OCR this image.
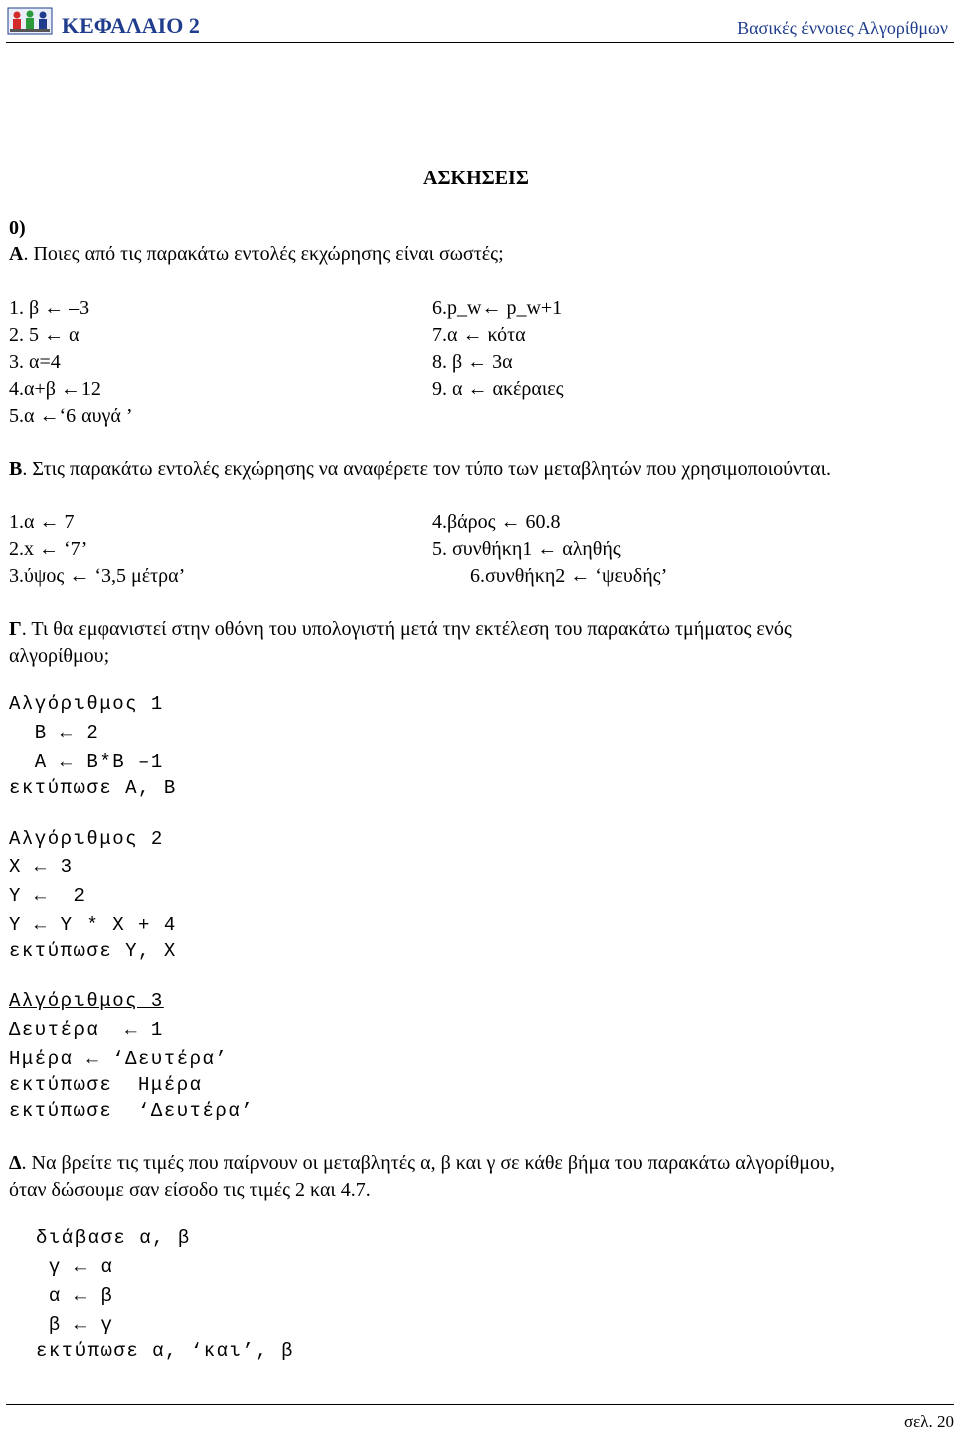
ΚΕΦΑΛΑΙΟ 2	Βασικές έννοιες Αλγορίθμων
ΑΣΚΗΣΕΙΣ
0)
Α. Ποιες από τις παρακάτω εντολές εκχώρησης είναι σωστές;
1. β ← –3
2. 5 ← α
3. α=4
4.α+β ←12
5.α ←‘6 αυγά ’
6.p_w← p_w+1
7.α ← κότα
8. β ← 3α
9. α ← ακέραιες
Β. Στις παρακάτω εντολές εκχώρησης να αναφέρετε τον τύπο των μεταβλητών που χρησιμοποιούνται.
1.α ← 7
2.x ← ‘7’
3.ύψος ← ‘3,5 μέτρα’
4.βάρος ← 60.8
5. συνθήκη1 ← αληθής
6.συνθήκη2 ← ‘ψευδής’
Γ. Τι θα εμφανιστεί στην οθόνη του υπολογιστή μετά την εκτέλεση του παρακάτω τμήματος ενός
αλγορίθμου;
Αλγόριθμος 1
Β ← 2
Α ← Β*Β –1
εκτύπωσε Α, Β
Αλγόριθμος 2
Χ ← 3
Υ ←  2
Υ ← Υ * Χ + 4
εκτύπωσε Υ, Χ
Αλγόριθμος 3
Δευτέρα  ← 1
Ημέρα ← ‘Δευτέρα’
εκτύπωσε  Ημέρα
εκτύπωσε  ‘Δευτέρα’
Δ. Να βρείτε τις τιμές που παίρνουν οι μεταβλητές α, β και γ σε κάθε βήμα του παρακάτω αλγορίθμου,
όταν δώσουμε σαν είσοδο τις τιμές 2 και 4.7.
διάβασε α, β
γ ← α
α ← β
β ← γ
εκτύπωσε α, ‘και’, β
σελ. 20
